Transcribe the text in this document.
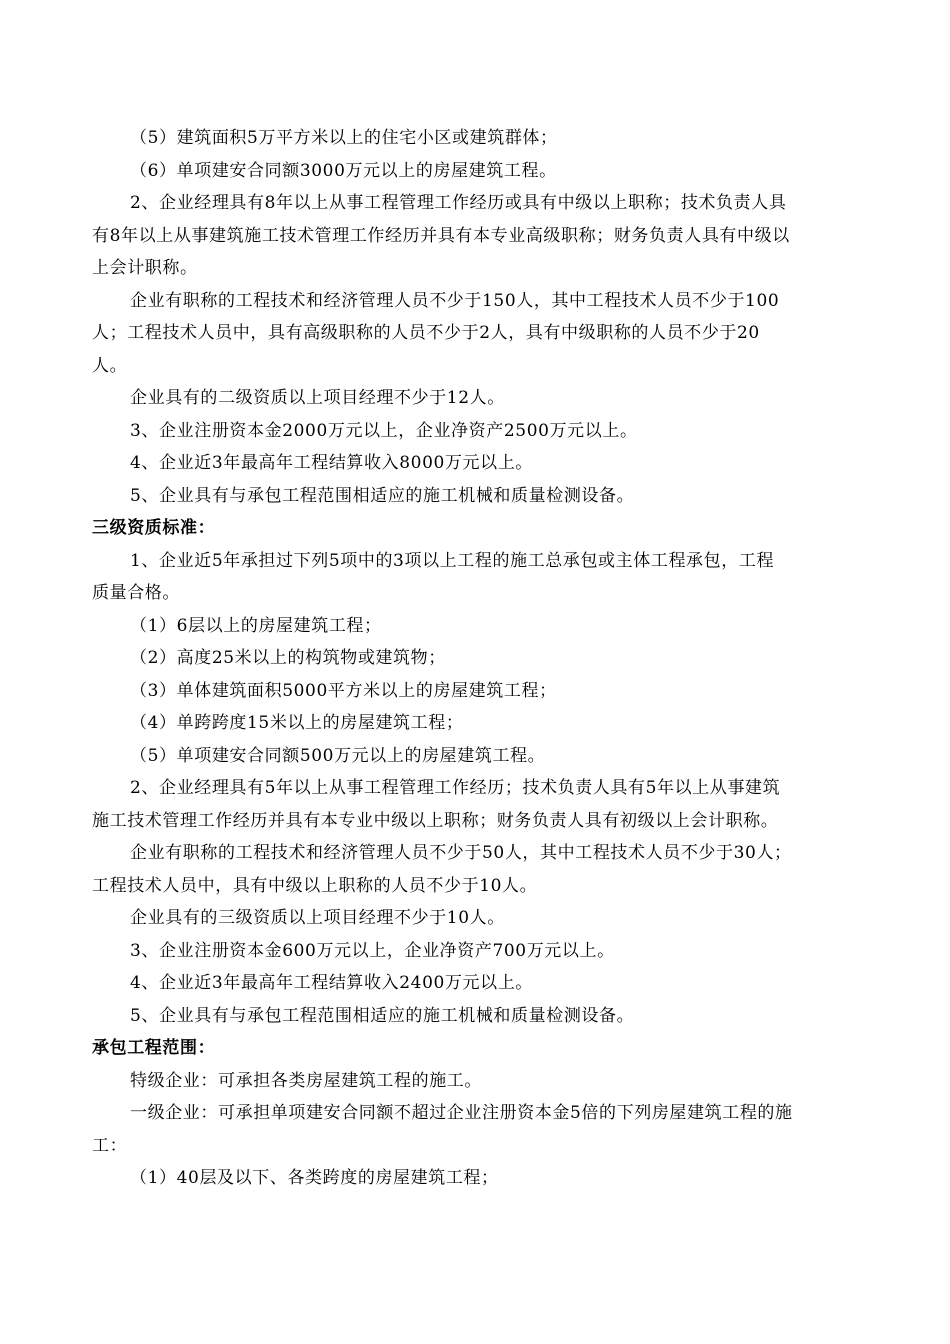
（5）建筑面积5万平方米以上的住宅小区或建筑群体；
（6）单项建安合同额3000万元以上的房屋建筑工程。
2、企业经理具有8年以上从事工程管理工作经历或具有中级以上职称；技术负责人具
有8年以上从事建筑施工技术管理工作经历并具有本专业高级职称；财务负责人具有中级以
上会计职称。
企业有职称的工程技术和经济管理人员不少于150人，其中工程技术人员不少于100
人；工程技术人员中，具有高级职称的人员不少于2人，具有中级职称的人员不少于20
人。
企业具有的二级资质以上项目经理不少于12人。
3、企业注册资本金2000万元以上，企业净资产2500万元以上。
4、企业近3年最高年工程结算收入8000万元以上。
5、企业具有与承包工程范围相适应的施工机械和质量检测设备。
三级资质标准：
1、企业近5年承担过下列5项中的3项以上工程的施工总承包或主体工程承包，工程
质量合格。
（1）6层以上的房屋建筑工程；
（2）高度25米以上的构筑物或建筑物；
（3）单体建筑面积5000平方米以上的房屋建筑工程；
（4）单跨跨度15米以上的房屋建筑工程；
（5）单项建安合同额500万元以上的房屋建筑工程。
2、企业经理具有5年以上从事工程管理工作经历；技术负责人具有5年以上从事建筑
施工技术管理工作经历并具有本专业中级以上职称；财务负责人具有初级以上会计职称。
企业有职称的工程技术和经济管理人员不少于50人，其中工程技术人员不少于30人；
工程技术人员中，具有中级以上职称的人员不少于10人。
企业具有的三级资质以上项目经理不少于10人。
3、企业注册资本金600万元以上，企业净资产700万元以上。
4、企业近3年最高年工程结算收入2400万元以上。
5、企业具有与承包工程范围相适应的施工机械和质量检测设备。
承包工程范围：
特级企业：可承担各类房屋建筑工程的施工。
一级企业：可承担单项建安合同额不超过企业注册资本金5倍的下列房屋建筑工程的施
工：
（1）40层及以下、各类跨度的房屋建筑工程；
